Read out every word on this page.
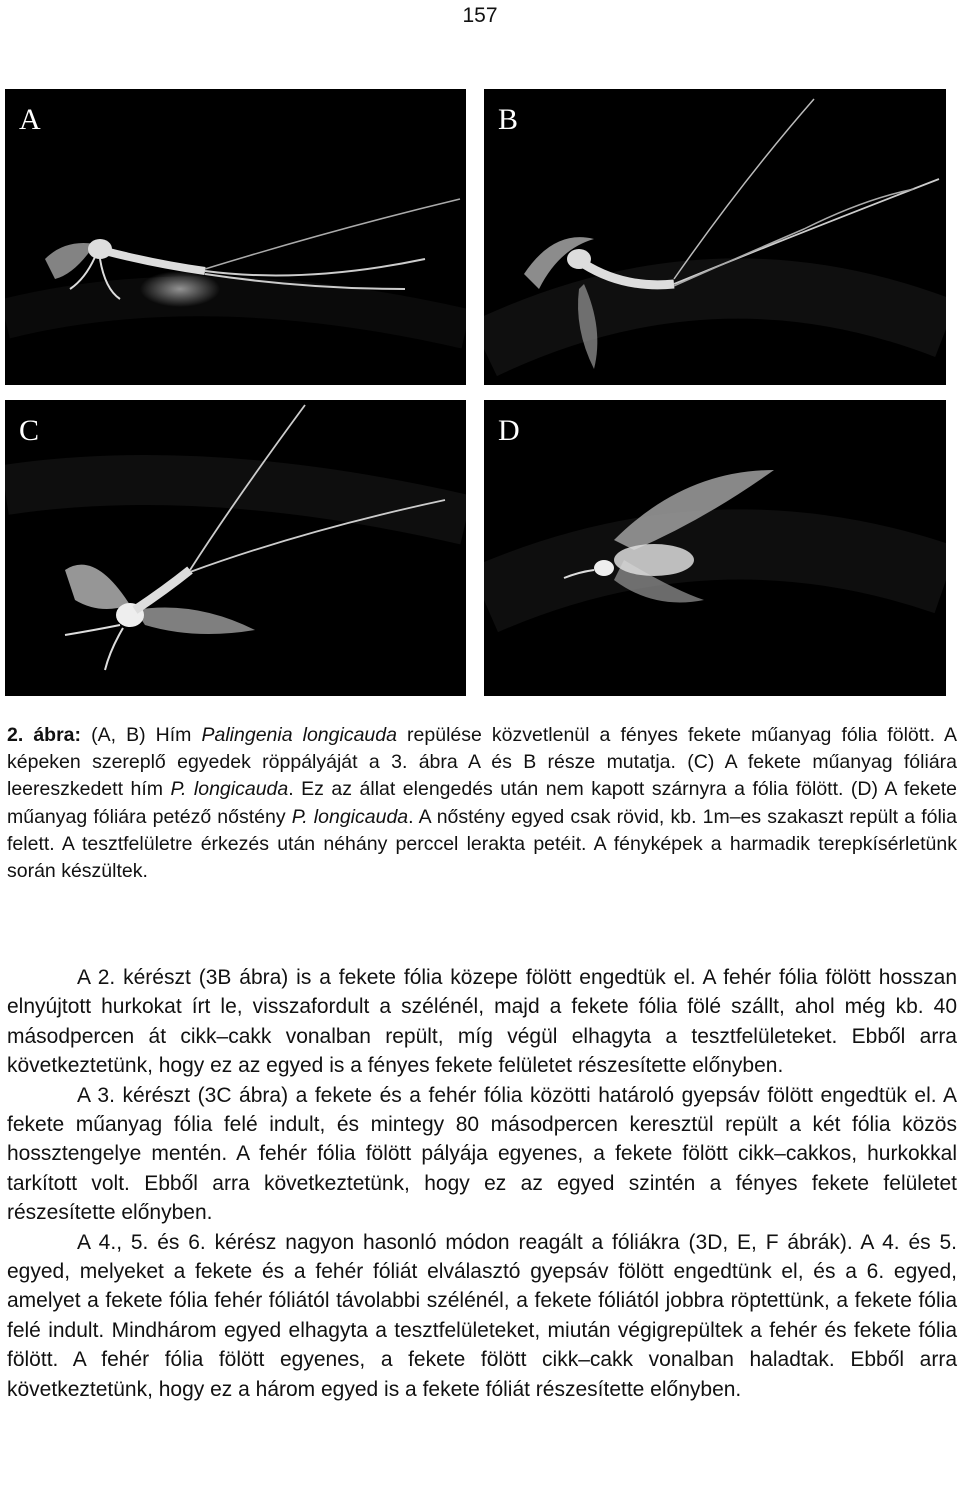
157
A	B
C	D
2. ábra: (A, B) Hím Palingenia longicauda repülése közvetlenül a fényes fekete műanyag fólia fölött. A képeken szereplő egyedek röppályáját a 3. ábra A és B része mutatja. (C) A fekete műanyag fóliára leereszkedett hím P. longicauda. Ez az állat elengedés után nem kapott szárnyra a fólia fölött. (D) A fekete műanyag fóliára petéző nőstény P. longicauda. A nőstény egyed csak rövid, kb. 1m–es szakaszt repült a fólia felett. A tesztfelületre érkezés után néhány perccel lerakta petéit. A fényképek a harmadik terepkísérletünk során készültek.

A 2. kérészt (3B ábra) is a fekete fólia közepe fölött engedtük el. A fehér fólia fölött hosszan elnyújtott hurkokat írt le, visszafordult a szélénél, majd a fekete fólia fölé szállt, ahol még kb. 40 másodpercen át cikk–cakk vonalban repült, míg végül elhagyta a tesztfelületeket. Ebből arra következtetünk, hogy ez az egyed is a fényes fekete felületet részesítette előnyben.

A 3. kérészt (3C ábra) a fekete és a fehér fólia közötti határoló gyepsáv fölött engedtük el. A fekete műanyag fólia felé indult, és mintegy 80 másodpercen keresztül repült a két fólia közös hossztengelye mentén. A fehér fólia fölött pályája egyenes, a fekete fölött cikk–cakkos, hurkokkal tarkított volt. Ebből arra következtetünk, hogy ez az egyed szintén a fényes fekete felületet részesítette előnyben.

A 4., 5. és 6. kérész nagyon hasonló módon reagált a fóliákra (3D, E, F ábrák). A 4. és 5. egyed, melyeket a fekete és a fehér fóliát elválasztó gyepsáv fölött engedtünk el, és a 6. egyed, amelyet a fekete fólia fehér fóliától távolabbi szélénél, a fekete fóliától jobbra röptettünk, a fekete fólia felé indult. Mindhárom egyed elhagyta a tesztfelületeket, miután végigrepültek a fehér és fekete fólia fölött. A fehér fólia fölött egyenes, a fekete fölött cikk–cakk vonalban haladtak. Ebből arra következtetünk, hogy ez a három egyed is a fekete fóliát részesítette előnyben.
